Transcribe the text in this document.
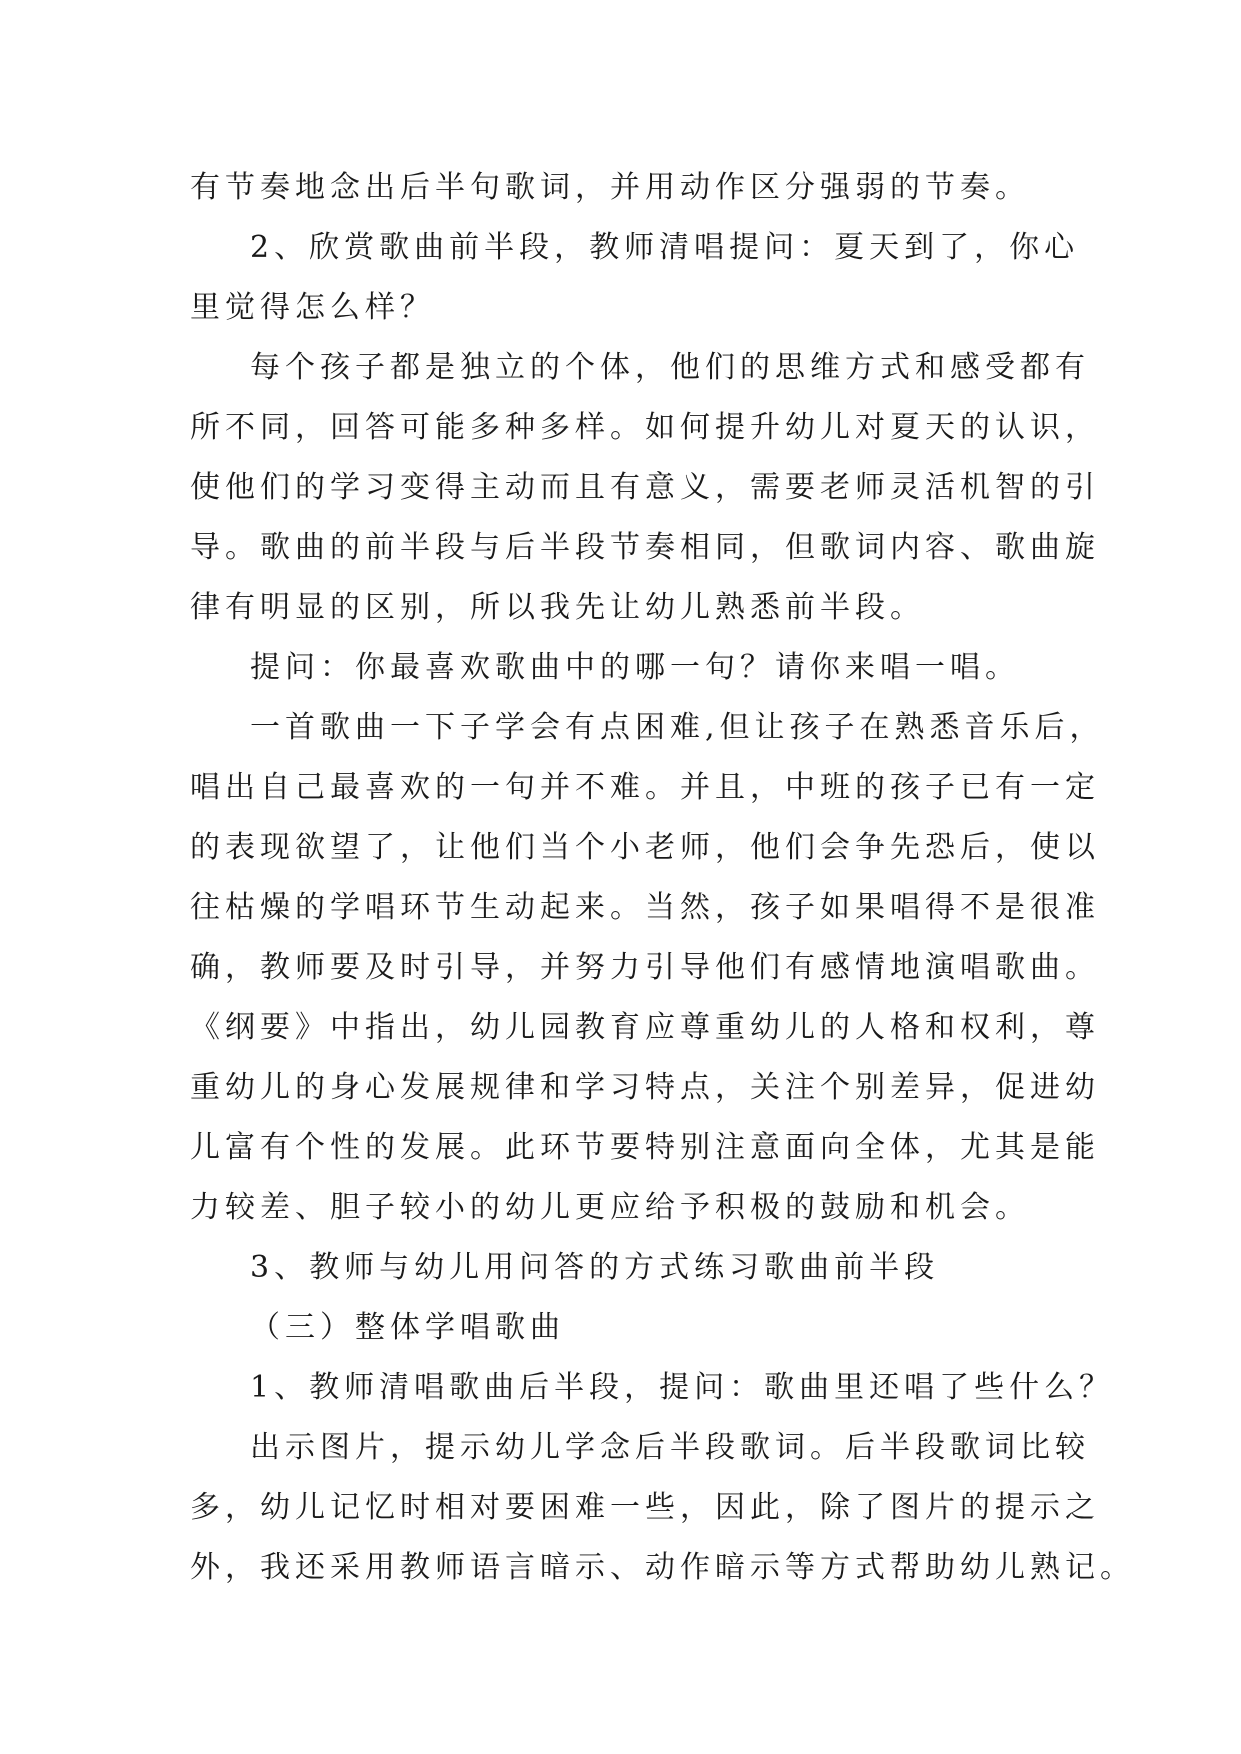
有节奏地念出后半句歌词，并用动作区分强弱的节奏。

2、欣赏歌曲前半段，教师清唱提问：夏天到了，你心
里觉得怎么样？

每个孩子都是独立的个体，他们的思维方式和感受都有
所不同，回答可能多种多样。如何提升幼儿对夏天的认识，
使他们的学习变得主动而且有意义，需要老师灵活机智的引
导。歌曲的前半段与后半段节奏相同，但歌词内容、歌曲旋
律有明显的区别，所以我先让幼儿熟悉前半段。

提问：你最喜欢歌曲中的哪一句？请你来唱一唱。

一首歌曲一下子学会有点困难,但让孩子在熟悉音乐后，
唱出自己最喜欢的一句并不难。并且，中班的孩子已有一定
的表现欲望了，让他们当个小老师，他们会争先恐后，使以
往枯燥的学唱环节生动起来。当然，孩子如果唱得不是很准
确，教师要及时引导，并努力引导他们有感情地演唱歌曲。
《纲要》中指出，幼儿园教育应尊重幼儿的人格和权利，尊
重幼儿的身心发展规律和学习特点，关注个别差异，促进幼
儿富有个性的发展。此环节要特别注意面向全体，尤其是能
力较差、胆子较小的幼儿更应给予积极的鼓励和机会。

3、教师与幼儿用问答的方式练习歌曲前半段

（三）整体学唱歌曲

1、教师清唱歌曲后半段，提问：歌曲里还唱了些什么？

出示图片，提示幼儿学念后半段歌词。后半段歌词比较
多，幼儿记忆时相对要困难一些，因此，除了图片的提示之
外，我还采用教师语言暗示、动作暗示等方式帮助幼儿熟记。
